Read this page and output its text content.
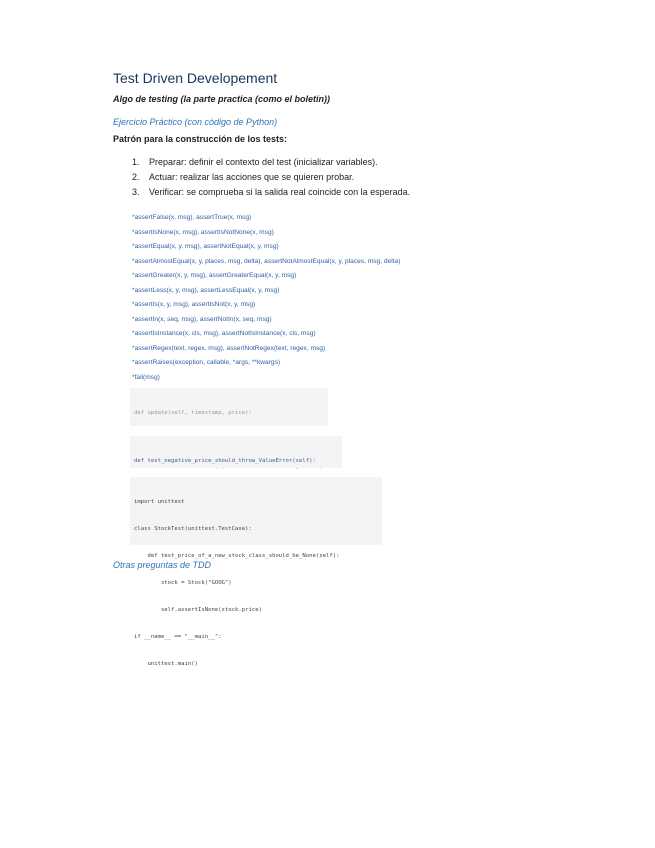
Test Driven Developement
Algo de testing (la parte practica (como el boletín))
Ejercicio Práctico (con código de Python)
Patrón para la construcción de los tests:
1. Preparar: definir el contexto del test (inicializar variables).
2. Actuar: realizar las acciones que se quieren probar.
3. Verificar: se comprueba si la salida real coincide con la esperada.
*assertFalse(x, msg), assertTrue(x, msg)
*assertIsNone(x, msg), assertIsNotNone(x, msg)
*assertEqual(x, y, msg), assertNotEqual(x, y, msg)
*assertAlmostEqual(x, y, places, msg, delta), assertNotAlmostEqual(x, y, places, msg, delta)
*assertGreater(x, y, msg), assertGreaterEqual(x, y, msg)
*assertLess(x, y, msg), assertLessEqual(x, y, msg)
*assertIs(x, y, msg), assertIsNot(x, y, msg)
*assertIn(x, seq, msg), assertNotIn(x, seq, msg)
*assertIsInstance(x, cls, msg), assertNotIsInstance(x, cls, msg)
*assertRegex(text, regex, msg), assertNotRegex(text, regex, msg)
*assertRaises(exception, callable, *args, **kwargs)
*fail(msg)

def update(self, timestamp, price):

def test_negative_price_should_throw_ValueError(self):

import unittest

class StockTest(unittest.TestCase):

def test_price_of_a_new_stock_class_should_be_None(self):

stock = Stock("GOOG")

self.assertIsNone(stock.price)

if __name__ == "__main__":

unittest.main()

Otras preguntas de TDD
